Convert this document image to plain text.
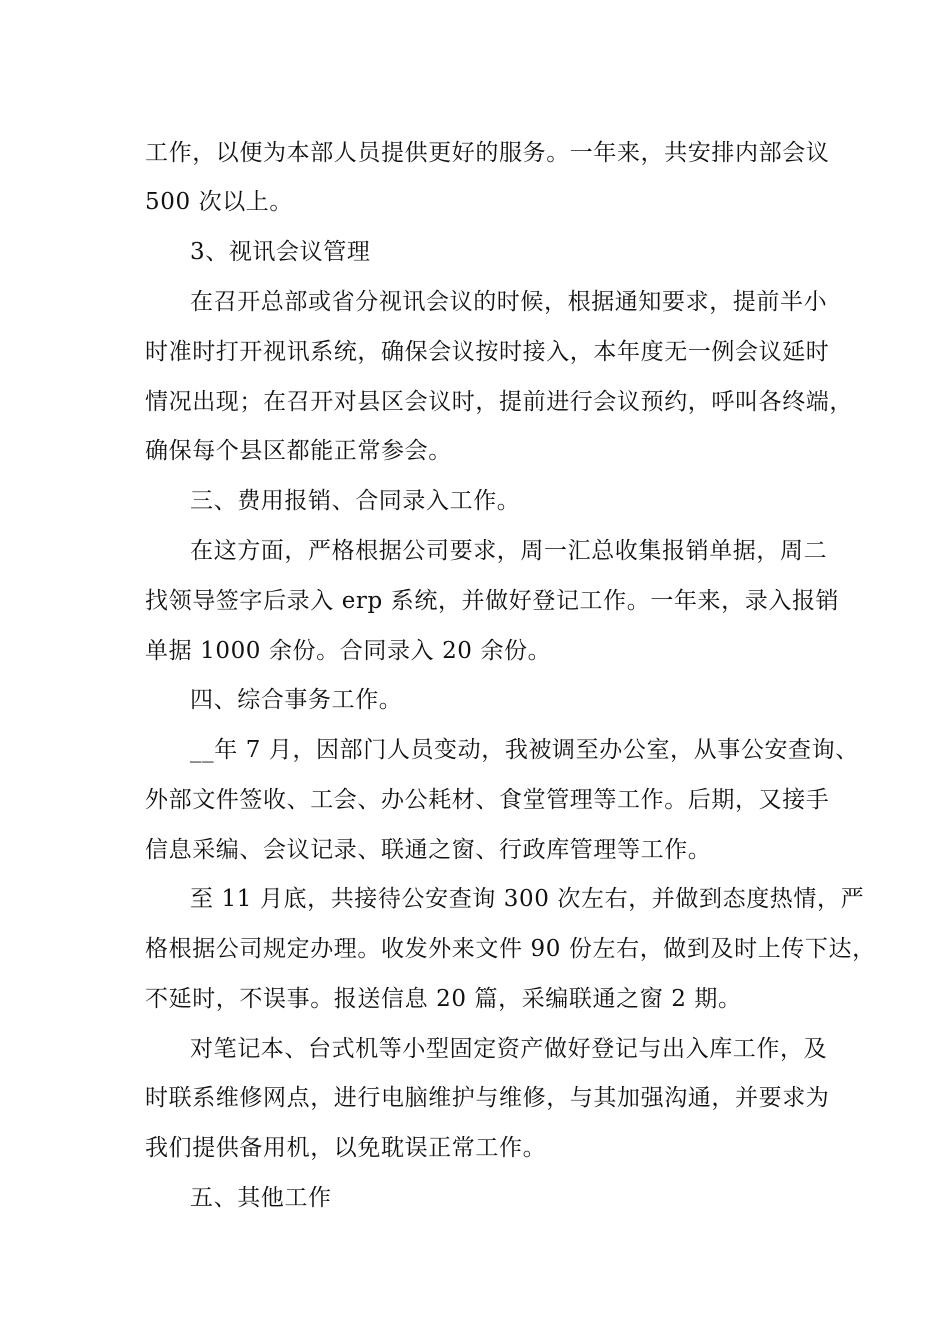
工作，以便为本部人员提供更好的服务。一年来，共安排内部会议

500 次以上。

3、视讯会议管理

在召开总部或省分视讯会议的时候，根据通知要求，提前半小

时准时打开视讯系统，确保会议按时接入，本年度无一例会议延时

情况出现；在召开对县区会议时，提前进行会议预约，呼叫各终端，

确保每个县区都能正常参会。

三、费用报销、合同录入工作。

在这方面，严格根据公司要求，周一汇总收集报销单据，周二

找领导签字后录入 erp 系统，并做好登记工作。一年来，录入报销

单据 1000 余份。合同录入 20 余份。

四、综合事务工作。

__年 7 月，因部门人员变动，我被调至办公室，从事公安查询、

外部文件签收、工会、办公耗材、食堂管理等工作。后期，又接手

信息采编、会议记录、联通之窗、行政库管理等工作。

至 11 月底，共接待公安查询 300 次左右，并做到态度热情，严

格根据公司规定办理。收发外来文件 90 份左右，做到及时上传下达，

不延时，不误事。报送信息 20 篇，采编联通之窗 2 期。

对笔记本、台式机等小型固定资产做好登记与出入库工作，及

时联系维修网点，进行电脑维护与维修，与其加强沟通，并要求为

我们提供备用机，以免耽误正常工作。

五、其他工作
